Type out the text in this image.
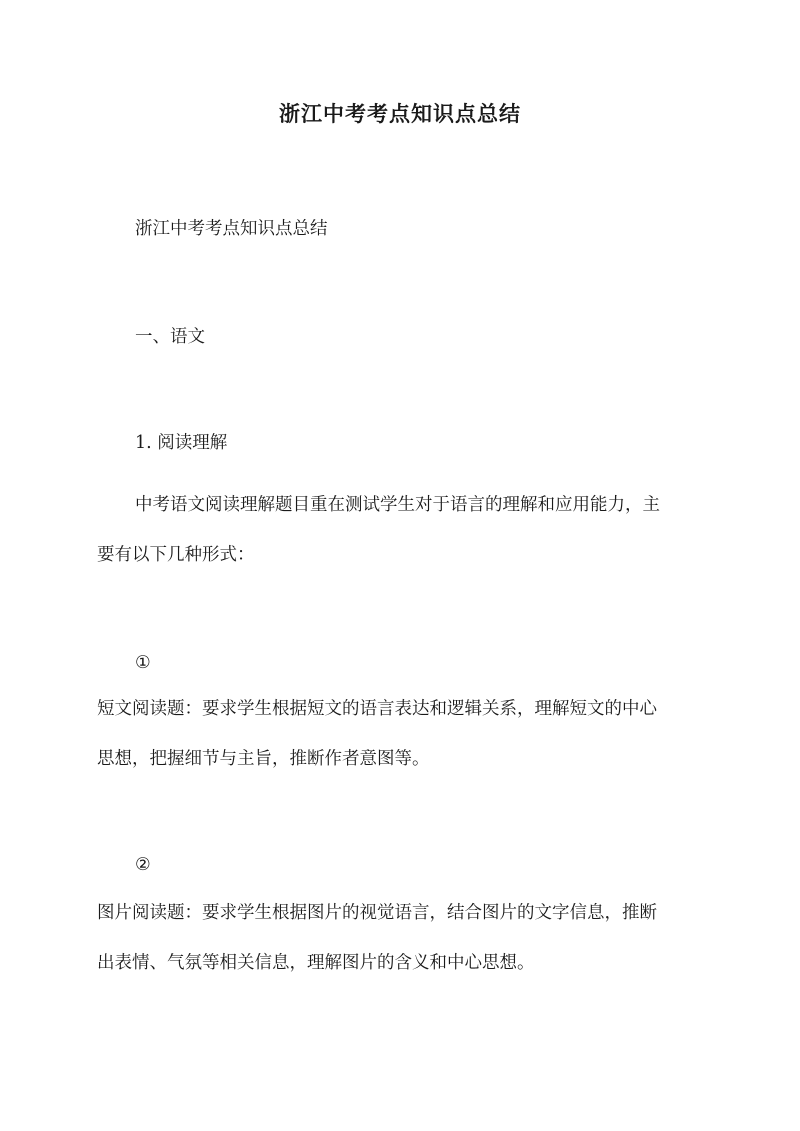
浙江中考考点知识点总结
浙江中考考点知识点总结
一、语文
1. 阅读理解
中考语文阅读理解题目重在测试学生对于语言的理解和应用能力，主
要有以下几种形式：
①
短文阅读题：要求学生根据短文的语言表达和逻辑关系，理解短文的中心
思想，把握细节与主旨，推断作者意图等。
②
图片阅读题：要求学生根据图片的视觉语言，结合图片的文字信息，推断
出表情、气氛等相关信息，理解图片的含义和中心思想。
